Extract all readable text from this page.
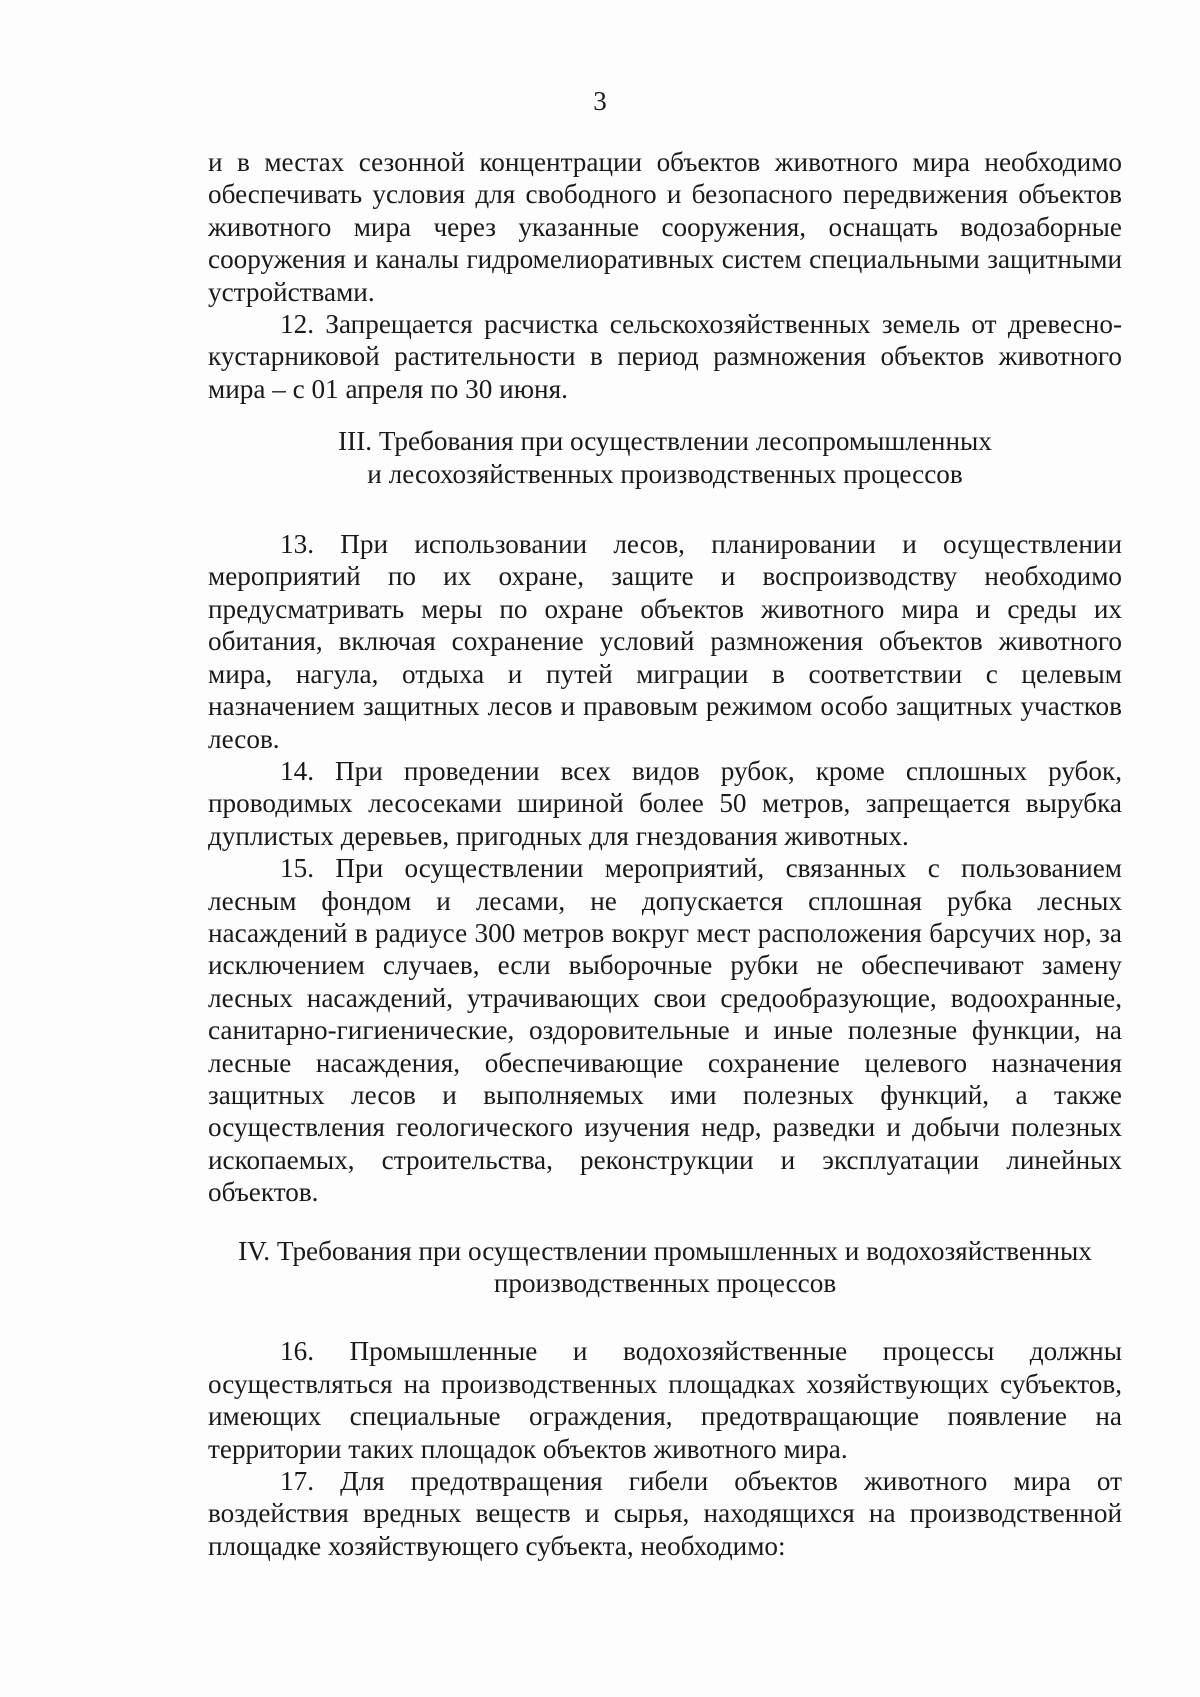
3

и в местах сезонной концентрации объектов животного мира необходимо обеспечивать условия для свободного и безопасного передвижения объектов животного мира через указанные сооружения, оснащать водозаборные сооружения и каналы гидромелиоративных систем специальными защитными устройствами.

12. Запрещается расчистка сельскохозяйственных земель от древесно-кустарниковой растительности в период размножения объектов животного мира – с 01 апреля по 30 июня.

III. Требования при осуществлении лесопромышленных
и лесохозяйственных производственных процессов

13. При использовании лесов, планировании и осуществлении мероприятий по их охране, защите и воспроизводству необходимо предусматривать меры по охране объектов животного мира и среды их обитания, включая сохранение условий размножения объектов животного мира, нагула, отдыха и путей миграции в соответствии с целевым назначением защитных лесов и правовым режимом особо защитных участков лесов.

14. При проведении всех видов рубок, кроме сплошных рубок, проводимых лесосеками шириной более 50 метров, запрещается вырубка дуплистых деревьев, пригодных для гнездования животных.

15. При осуществлении мероприятий, связанных с пользованием лесным фондом и лесами, не допускается сплошная рубка лесных насаждений в радиусе 300 метров вокруг мест расположения барсучих нор, за исключением случаев, если выборочные рубки не обеспечивают замену лесных насаждений, утрачивающих свои средообразующие, водоохранные, санитарно-гигиенические, оздоровительные и иные полезные функции, на лесные насаждения, обеспечивающие сохранение целевого назначения защитных лесов и выполняемых ими полезных функций, а также осуществления геологического изучения недр, разведки и добычи полезных ископаемых, строительства, реконструкции и эксплуатации линейных объектов.

IV. Требования при осуществлении промышленных и водохозяйственных
производственных процессов

16. Промышленные и водохозяйственные процессы должны осуществляться на производственных площадках хозяйствующих субъектов, имеющих специальные ограждения, предотвращающие появление на территории таких площадок объектов животного мира.

17. Для предотвращения гибели объектов животного мира от воздействия вредных веществ и сырья, находящихся на производственной площадке хозяйствующего субъекта, необходимо:
